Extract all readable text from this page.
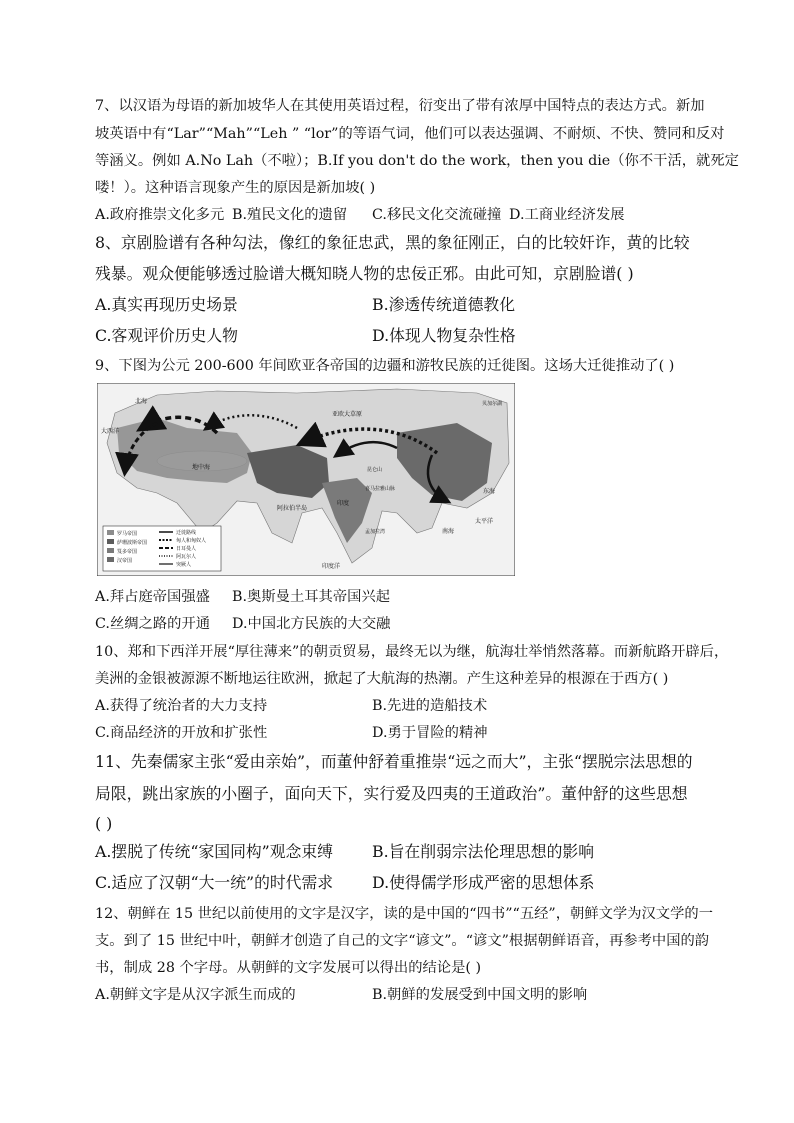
7、以汉语为母语的新加坡华人在其使用英语过程，衍变出了带有浓厚中国特点的表达方式。新加
坡英语中有“Lar”“Mah”“Leh ” “lor”的等语气词，他们可以表达强调、不耐烦、不快、赞同和反对
等涵义。例如 A.No Lah（不啦）；B.If you don't do the work，then you die（你不干活，就死定
喽！）。这种语言现象产生的原因是新加坡( )
A.政府推崇文化多元 B.殖民文化的遗留 C.移民文化交流碰撞 D.工商业经济发展
8、京剧脸谱有各种勾法，像红的象征忠武，黑的象征刚正，白的比较奸诈，黄的比较
残暴。观众便能够透过脸谱大概知晓人物的忠佞正邪。由此可知，京剧脸谱( )
A.真实再现历史场景	B.渗透传统道德教化
C.客观评价历史人物	D.体现人物复杂性格
9、下图为公元 200-600 年间欧亚各帝国的边疆和游牧民族的迁徙图。这场大迁徙推动了( )
北海
大西洋
亚欧大草原
贝加尔湖
地中海
阿拉伯半岛
印度
喜马拉雅山脉
昆仑山
孟加拉湾
印度洋
东海
太平洋
南海
罗马帝国
萨珊波斯帝国
笈多帝国
汉帝国
迁徙路线
匈人和匈奴人
日耳曼人
阿瓦尔人
突厥人
A.拜占庭帝国强盛 B.奥斯曼土耳其帝国兴起
C.丝绸之路的开通 D.中国北方民族的大交融
10、郑和下西洋开展“厚往薄来”的朝贡贸易，最终无以为继，航海壮举悄然落幕。而新航路开辟后，
美洲的金银被源源不断地运往欧洲，掀起了大航海的热潮。产生这种差异的根源在于西方( )
A.获得了统治者的大力支持	B.先进的造船技术
C.商品经济的开放和扩张性	D.勇于冒险的精神
11、先秦儒家主张“爱由亲始”，而董仲舒着重推崇“远之而大”，主张“摆脱宗法思想的
局限，跳出家族的小圈子，面向天下，实行爱及四夷的王道政治”。董仲舒的这些思想
( )
A.摆脱了传统“家国同构”观念束缚 B.旨在削弱宗法伦理思想的影响
C.适应了汉朝“大一统”的时代需求 D.使得儒学形成严密的思想体系
12、朝鲜在 15 世纪以前使用的文字是汉字，读的是中国的“四书”“五经”，朝鲜文学为汉文学的一
支。到了 15 世纪中叶，朝鲜才创造了自己的文字“谚文”。“谚文”根据朝鲜语音，再参考中国的韵
书，制成 28 个字母。从朝鲜的文字发展可以得出的结论是( )
A.朝鲜文字是从汉字派生而成的	B.朝鲜的发展受到中国文明的影响
